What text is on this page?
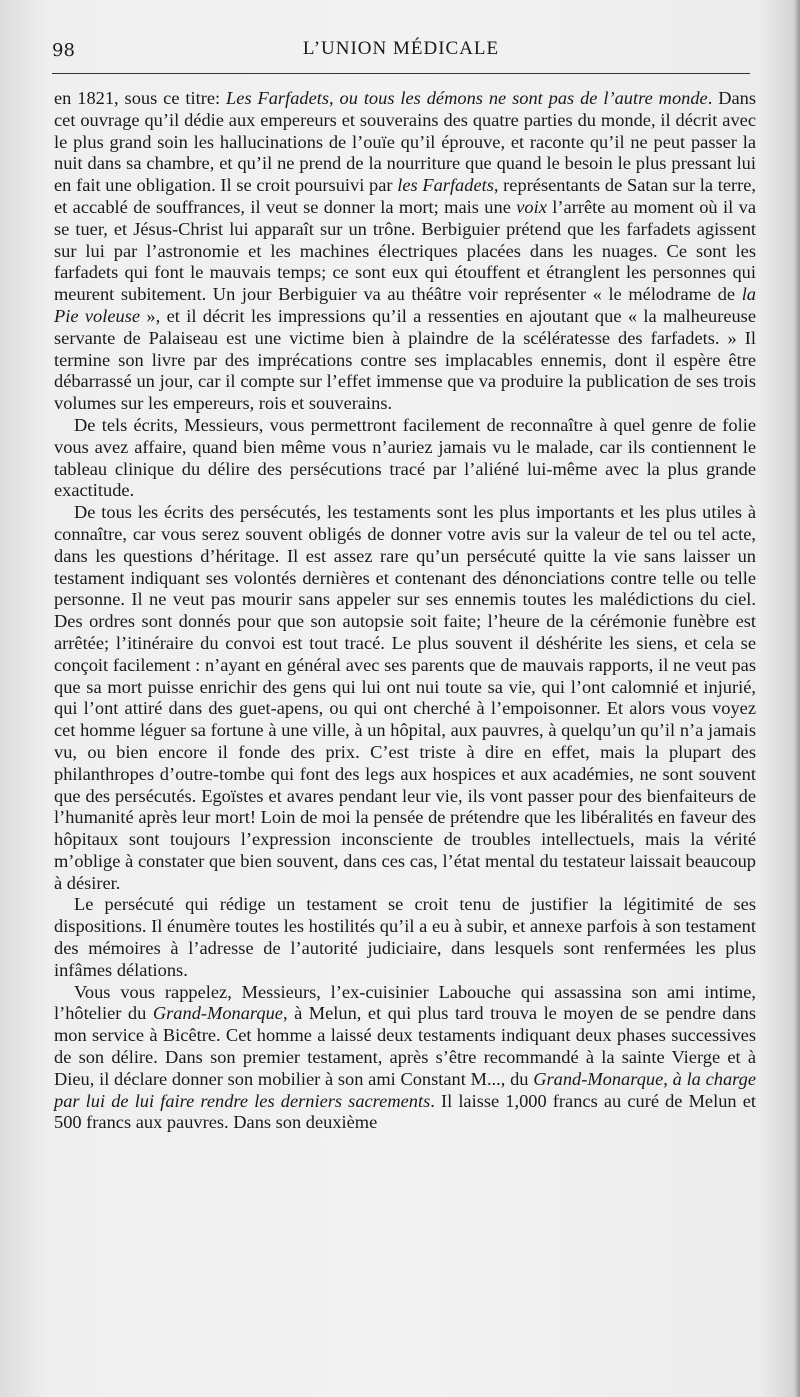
98	L’UNION MÉDICALE

en 1821, sous ce titre: Les Farfadets, ou tous les démons ne sont pas de l’autre monde. Dans cet ouvrage qu’il dédie aux empereurs et souverains des quatre parties du monde, il décrit avec le plus grand soin les hallucinations de l’ouïe qu’il éprouve, et raconte qu’il ne peut passer la nuit dans sa chambre, et qu’il ne prend de la nourriture que quand le besoin le plus pressant lui en fait une obligation. Il se croit poursuivi par les Farfadets, représentants de Satan sur la terre, et accablé de souffrances, il veut se donner la mort; mais une voix l’arrête au moment où il va se tuer, et Jésus-Christ lui apparaît sur un trône. Berbiguier prétend que les farfadets agissent sur lui par l’astronomie et les machines électriques placées dans les nuages. Ce sont les farfadets qui font le mauvais temps; ce sont eux qui étouffent et étranglent les personnes qui meurent subitement. Un jour Berbiguier va au théâtre voir représenter « le mélodrame de la Pie voleuse », et il décrit les impressions qu’il a ressenties en ajoutant que « la malheureuse servante de Palaiseau est une victime bien à plaindre de la scélératesse des farfadets. » Il termine son livre par des imprécations contre ses implacables ennemis, dont il espère être débarrassé un jour, car il compte sur l’effet immense que va produire la publication de ses trois volumes sur les empereurs, rois et souverains.

De tels écrits, Messieurs, vous permettront facilement de reconnaître à quel genre de folie vous avez affaire, quand bien même vous n’auriez jamais vu le malade, car ils contiennent le tableau clinique du délire des persécutions tracé par l’aliéné lui-même avec la plus grande exactitude.

De tous les écrits des persécutés, les testaments sont les plus importants et les plus utiles à connaître, car vous serez souvent obligés de donner votre avis sur la valeur de tel ou tel acte, dans les questions d’héritage. Il est assez rare qu’un persécuté quitte la vie sans laisser un testament indiquant ses volontés dernières et contenant des dénonciations contre telle ou telle personne. Il ne veut pas mourir sans appeler sur ses ennemis toutes les malédictions du ciel. Des ordres sont donnés pour que son autopsie soit faite; l’heure de la cérémonie funèbre est arrêtée; l’itinéraire du convoi est tout tracé. Le plus souvent il déshérite les siens, et cela se conçoit facilement : n’ayant en général avec ses parents que de mauvais rapports, il ne veut pas que sa mort puisse enrichir des gens qui lui ont nui toute sa vie, qui l’ont calomnié et injurié, qui l’ont attiré dans des guet-apens, ou qui ont cherché à l’empoisonner. Et alors vous voyez cet homme léguer sa fortune à une ville, à un hôpital, aux pauvres, à quelqu’un qu’il n’a jamais vu, ou bien encore il fonde des prix. C’est triste à dire en effet, mais la plupart des philanthropes d’outre-tombe qui font des legs aux hospices et aux académies, ne sont souvent que des persécutés. Egoïstes et avares pendant leur vie, ils vont passer pour des bienfaiteurs de l’humanité après leur mort! Loin de moi la pensée de prétendre que les libéralités en faveur des hôpitaux sont toujours l’expression inconsciente de troubles intellectuels, mais la vérité m’oblige à constater que bien souvent, dans ces cas, l’état mental du testateur laissait beaucoup à désirer.

Le persécuté qui rédige un testament se croit tenu de justifier la légitimité de ses dispositions. Il énumère toutes les hostilités qu’il a eu à subir, et annexe parfois à son testament des mémoires à l’adresse de l’autorité judiciaire, dans lesquels sont renfermées les plus infâmes délations.

Vous vous rappelez, Messieurs, l’ex-cuisinier Labouche qui assassina son ami intime, l’hôtelier du Grand-Monarque, à Melun, et qui plus tard trouva le moyen de se pendre dans mon service à Bicêtre. Cet homme a laissé deux testaments indiquant deux phases successives de son délire. Dans son premier testament, après s’être recommandé à la sainte Vierge et à Dieu, il déclare donner son mobilier à son ami Constant M..., du Grand-Monarque, à la charge par lui de lui faire rendre les derniers sacrements. Il laisse 1,000 francs au curé de Melun et 500 francs aux pauvres. Dans son deuxième
